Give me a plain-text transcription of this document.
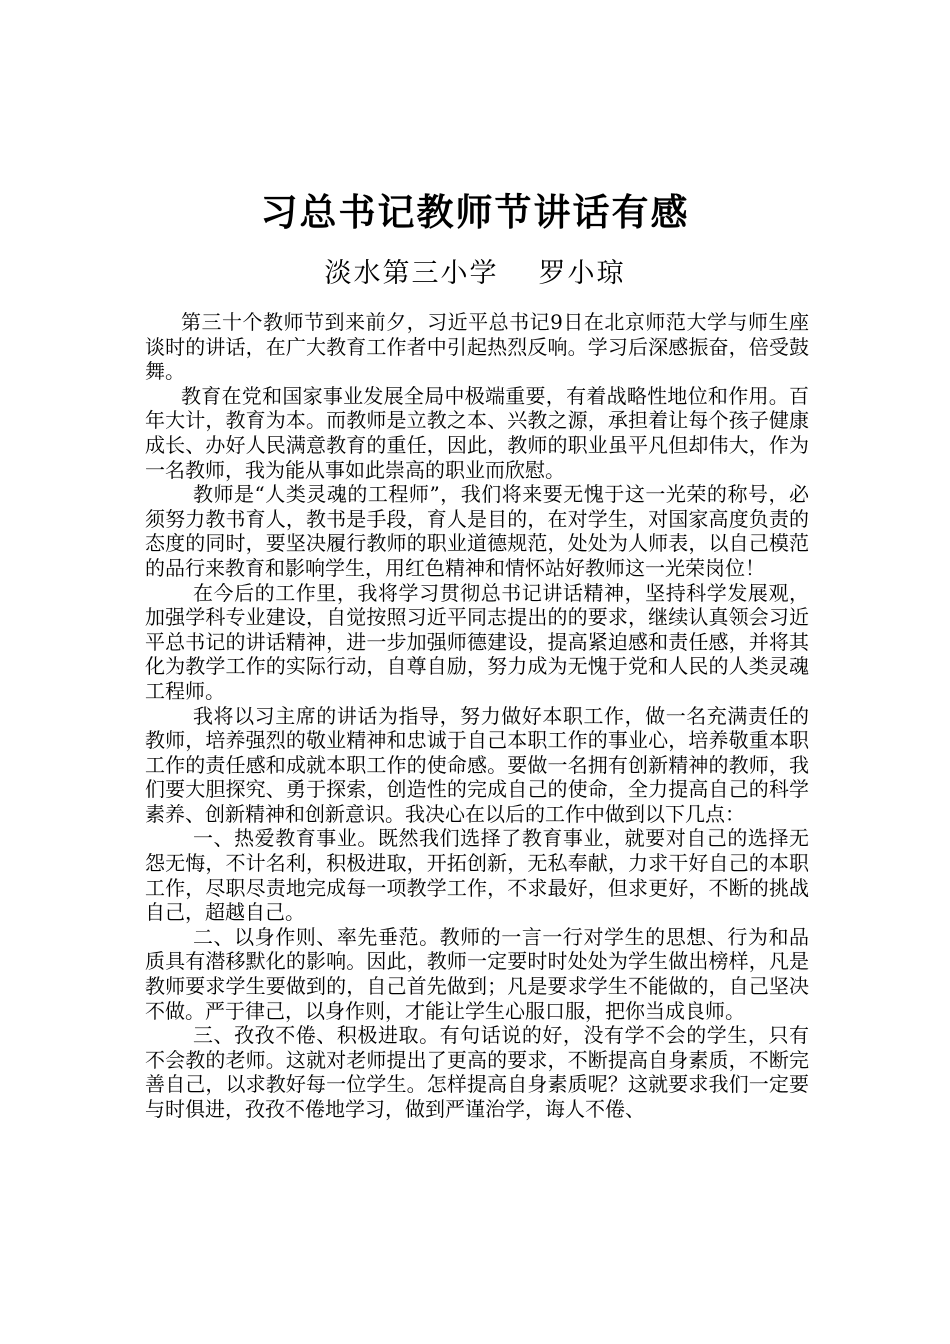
习总书记教师节讲话有感
淡水第三小学 罗小琼

第三十个教师节到来前夕，习近平总书记9日在北京师范大学与师生座谈时的讲话，在广大教育工作者中引起热烈反响。学习后深感振奋，倍受鼓舞。

教育在党和国家事业发展全局中极端重要，有着战略性地位和作用。百年大计，教育为本。而教师是立教之本、兴教之源，承担着让每个孩子健康成长、办好人民满意教育的重任，因此，教师的职业虽平凡但却伟大，作为一名教师，我为能从事如此崇高的职业而欣慰。

教师是“人类灵魂的工程师”，我们将来要无愧于这一光荣的称号，必须努力教书育人，教书是手段，育人是目的，在对学生，对国家高度负责的态度的同时，要坚决履行教师的职业道德规范，处处为人师表，以自己模范的品行来教育和影响学生，用红色精神和情怀站好教师这一光荣岗位！

在今后的工作里，我将学习贯彻总书记讲话精神，坚持科学发展观，加强学科专业建设，自觉按照习近平同志提出的的要求，继续认真领会习近平总书记的讲话精神，进一步加强师德建设，提高紧迫感和责任感，并将其化为教学工作的实际行动，自尊自励，努力成为无愧于党和人民的人类灵魂工程师。

我将以习主席的讲话为指导，努力做好本职工作，做一名充满责任的教师，培养强烈的敬业精神和忠诚于自己本职工作的事业心，培养敬重本职工作的责任感和成就本职工作的使命感。要做一名拥有创新精神的教师，我们要大胆探究、勇于探索，创造性的完成自己的使命，全力提高自己的科学素养、创新精神和创新意识。我决心在以后的工作中做到以下几点：

一、热爱教育事业。既然我们选择了教育事业，就要对自己的选择无怨无悔，不计名利，积极进取，开拓创新，无私奉献，力求干好自己的本职工作，尽职尽责地完成每一项教学工作，不求最好，但求更好，不断的挑战自己，超越自己。

二、以身作则、率先垂范。教师的一言一行对学生的思想、行为和品质具有潜移默化的影响。因此，教师一定要时时处处为学生做出榜样，凡是教师要求学生要做到的，自己首先做到；凡是要求学生不能做的，自己坚决不做。严于律己，以身作则，才能让学生心服口服，把你当成良师。

三、孜孜不倦、积极进取。有句话说的好，没有学不会的学生，只有不会教的老师。这就对老师提出了更高的要求，不断提高自身素质，不断完善自己，以求教好每一位学生。怎样提高自身素质呢？这就要求我们一定要与时俱进，孜孜不倦地学习，做到严谨治学，诲人不倦、
